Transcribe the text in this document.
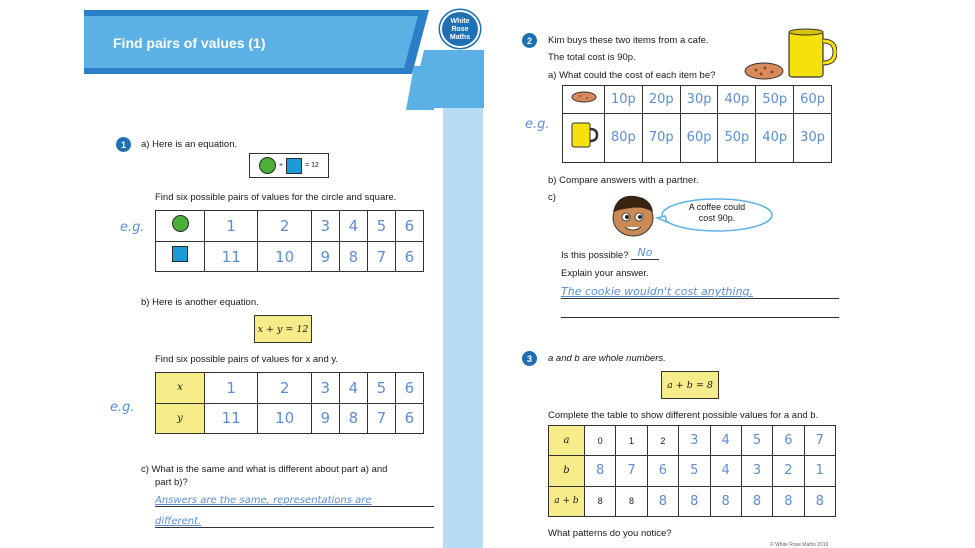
Find pairs of values (1)
White
Rose
Maths
1	a) Here is an equation.
+	= 12
Find six possible pairs of values for the circle and square.
e.g.
		1	2	3	4	5	6
	11	10	9	8	7	6
b) Here is another equation.
x + y = 12
Find six possible pairs of values for x and y.
e.g.
x	1	2	3	4	5	6
y	11	10	9	8	7	6
c) What is the same and what is different about part a) and
part b)?
Answers are the same, representations are
different.
2	Kim buys these two items from a cafe.
The total cost is 90p.
a) What could the cost of each item be?
e.g.
	10p	20p	30p	40p	50p	60p
	80p	70p	60p	50p	40p	30p
b) Compare answers with a partner.
c)
A coffee could
cost 90p.
Is this possible? No
Explain your answer.
The cookie wouldn't cost anything.
3	a and b are whole numbers.
a + b = 8
Complete the table to show different possible values for a and b.
a	0	1	2	3	4	5	6	7
b	8	7	6	5	4	3	2	1
a + b	8	8	8	8	8	8	8	8
What patterns do you notice?
© White Rose Maths 2019
